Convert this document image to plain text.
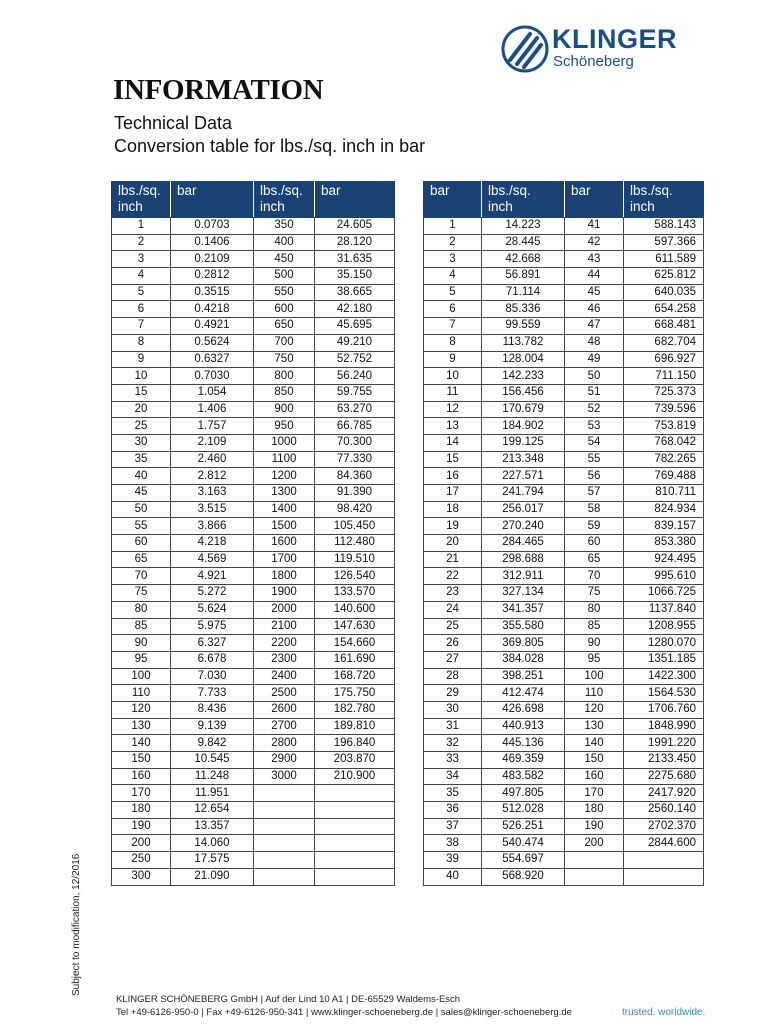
KLINGER
Schöneberg
INFORMATION
Technical Data
Conversion table for lbs./sq. inch in bar
lbs./sq. inch	bar	lbs./sq. inch	bar
1	0.0703	350	24.605
2	0.1406	400	28.120
3	0.2109	450	31.635
4	0.2812	500	35.150
5	0.3515	550	38.665
6	0.4218	600	42.180
7	0.4921	650	45.695
8	0.5624	700	49.210
9	0.6327	750	52.752
10	0.7030	800	56.240
15	1.054	850	59.755
20	1.406	900	63.270
25	1.757	950	66.785
30	2.109	1000	70.300
35	2.460	1100	77.330
40	2.812	1200	84.360
45	3.163	1300	91.390
50	3.515	1400	98.420
55	3.866	1500	105.450
60	4.218	1600	112.480
65	4.569	1700	119.510
70	4.921	1800	126.540
75	5.272	1900	133.570
80	5.624	2000	140.600
85	5.975	2100	147.630
90	6.327	2200	154.660
95	6.678	2300	161.690
100	7.030	2400	168.720
110	7.733	2500	175.750
120	8.436	2600	182.780
130	9.139	2700	189.810
140	9.842	2800	196.840
150	10.545	2900	203.870
160	11.248	3000	210.900
170	11.951		
180	12.654		
190	13.357		
200	14.060		
250	17.575		
300	21.090		
bar	lbs./sq. inch	bar	lbs./sq. inch
1	14.223	41	588.143
2	28.445	42	597.366
3	42.668	43	611.589
4	56.891	44	625.812
5	71.114	45	640.035
6	85.336	46	654.258
7	99.559	47	668.481
8	113.782	48	682.704
9	128.004	49	696.927
10	142.233	50	711.150
11	156.456	51	725.373
12	170.679	52	739.596
13	184.902	53	753.819
14	199.125	54	768.042
15	213.348	55	782.265
16	227.571	56	769.488
17	241.794	57	810.711
18	256.017	58	824.934
19	270.240	59	839.157
20	284.465	60	853.380
21	298.688	65	924.495
22	312.911	70	995.610
23	327.134	75	1066.725
24	341.357	80	1137.840
25	355.580	85	1208.955
26	369.805	90	1280.070
27	384.028	95	1351.185
28	398.251	100	1422.300
29	412.474	110	1564.530
30	426.698	120	1706.760
31	440.913	130	1848.990
32	445.136	140	1991.220
33	469.359	150	2133.450
34	483.582	160	2275.680
35	497.805	170	2417.920
36	512.028	180	2560.140
37	526.251	190	2702.370
38	540.474	200	2844.600
39	554.697		
40	568.920		
Subject to modification, 12/2016
KLINGER SCHÖNEBERG GmbH | Auf der Lind 10 A1 | DE-65529 Waldems-Esch
Tel +49-6126-950-0 | Fax +49-6126-950-341 | www.klinger-schoeneberg.de | sales@klinger-schoeneberg.de	trusted. worldwide.
